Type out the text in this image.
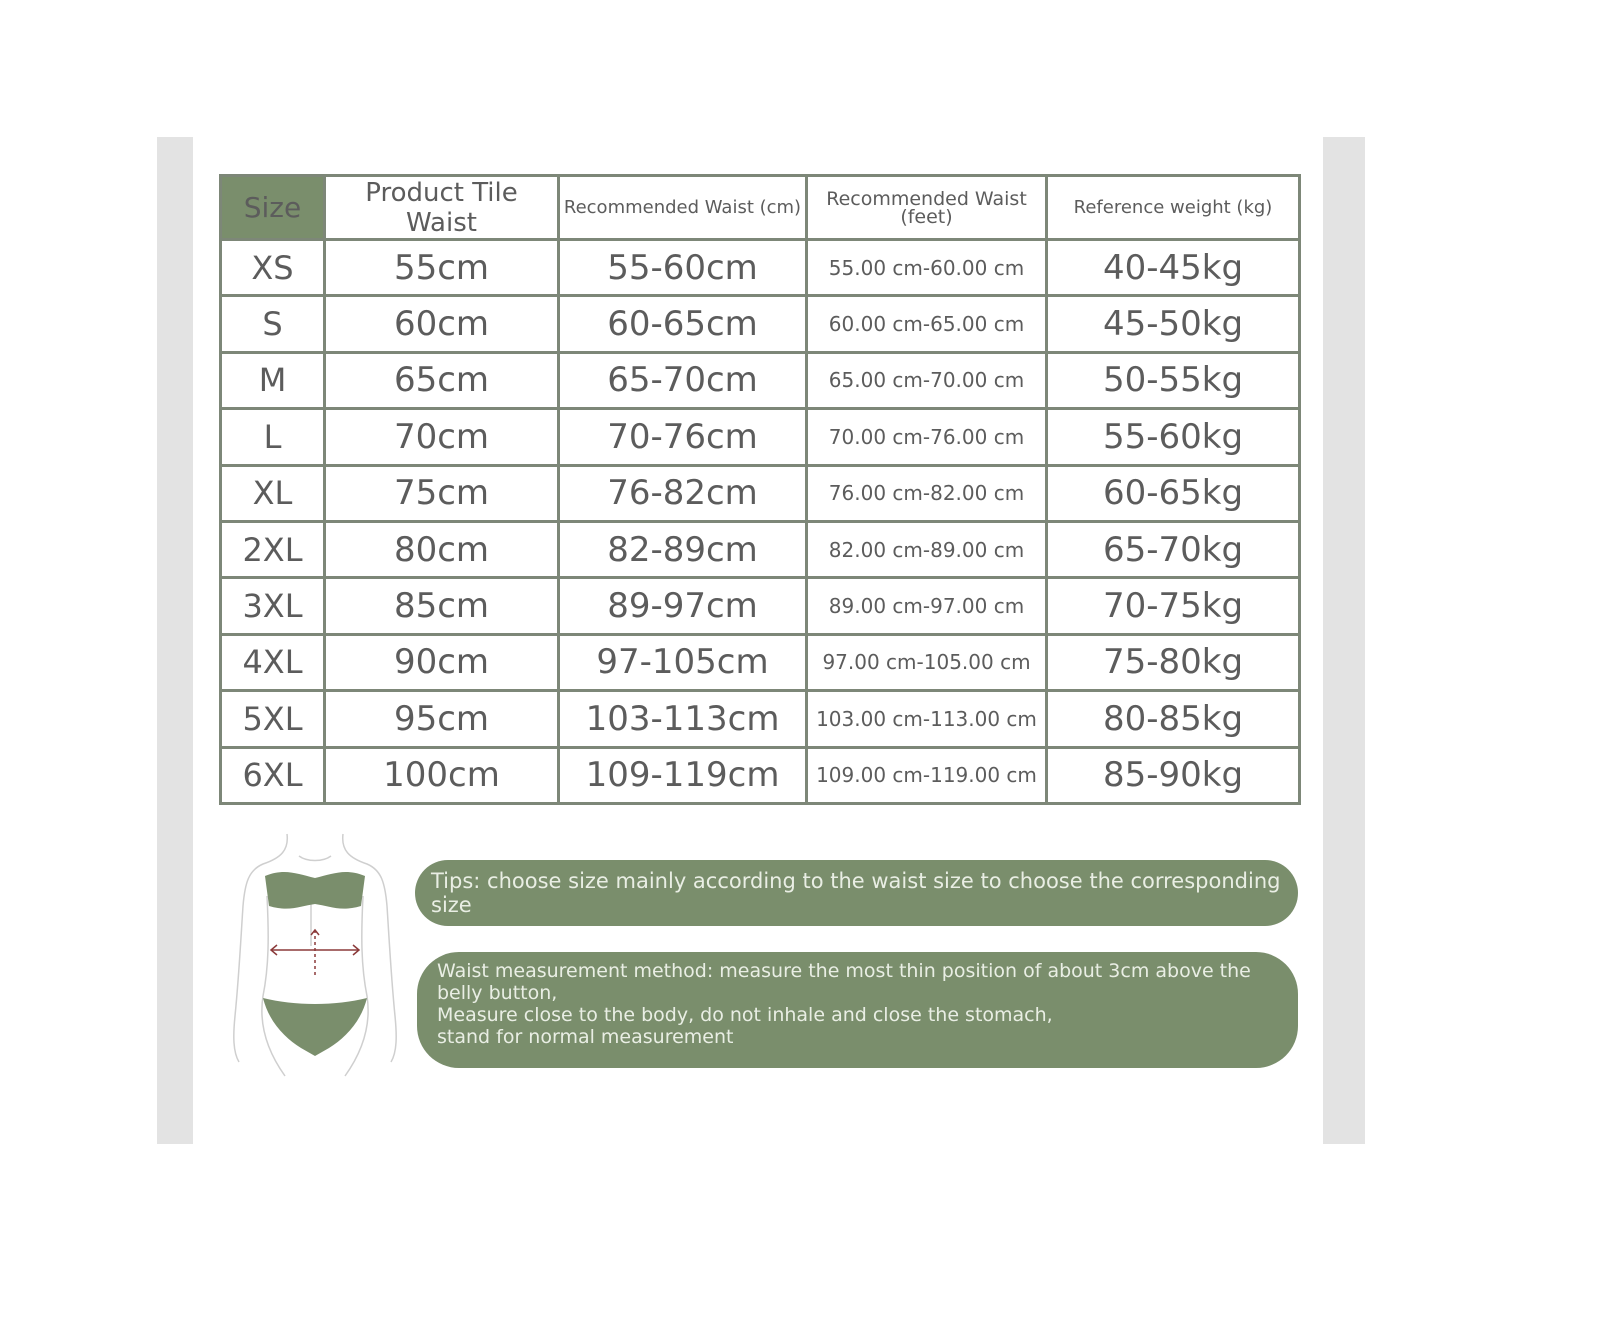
Size	Product Tile Waist	Recommended Waist (cm)	Recommended Waist (feet)	Reference weight (kg)
XS	55cm	55-60cm	55.00 cm-60.00 cm	40-45kg
S	60cm	60-65cm	60.00 cm-65.00 cm	45-50kg
M	65cm	65-70cm	65.00 cm-70.00 cm	50-55kg
L	70cm	70-76cm	70.00 cm-76.00 cm	55-60kg
XL	75cm	76-82cm	76.00 cm-82.00 cm	60-65kg
2XL	80cm	82-89cm	82.00 cm-89.00 cm	65-70kg
3XL	85cm	89-97cm	89.00 cm-97.00 cm	70-75kg
4XL	90cm	97-105cm	97.00 cm-105.00 cm	75-80kg
5XL	95cm	103-113cm	103.00 cm-113.00 cm	80-85kg
6XL	100cm	109-119cm	109.00 cm-119.00 cm	85-90kg
Tips: choose size mainly according to the waist size to choose the corresponding size

Waist measurement method: measure the most thin position of about 3cm above the belly button,

Measure close to the body, do not inhale and close the stomach, stand for normal measurement
